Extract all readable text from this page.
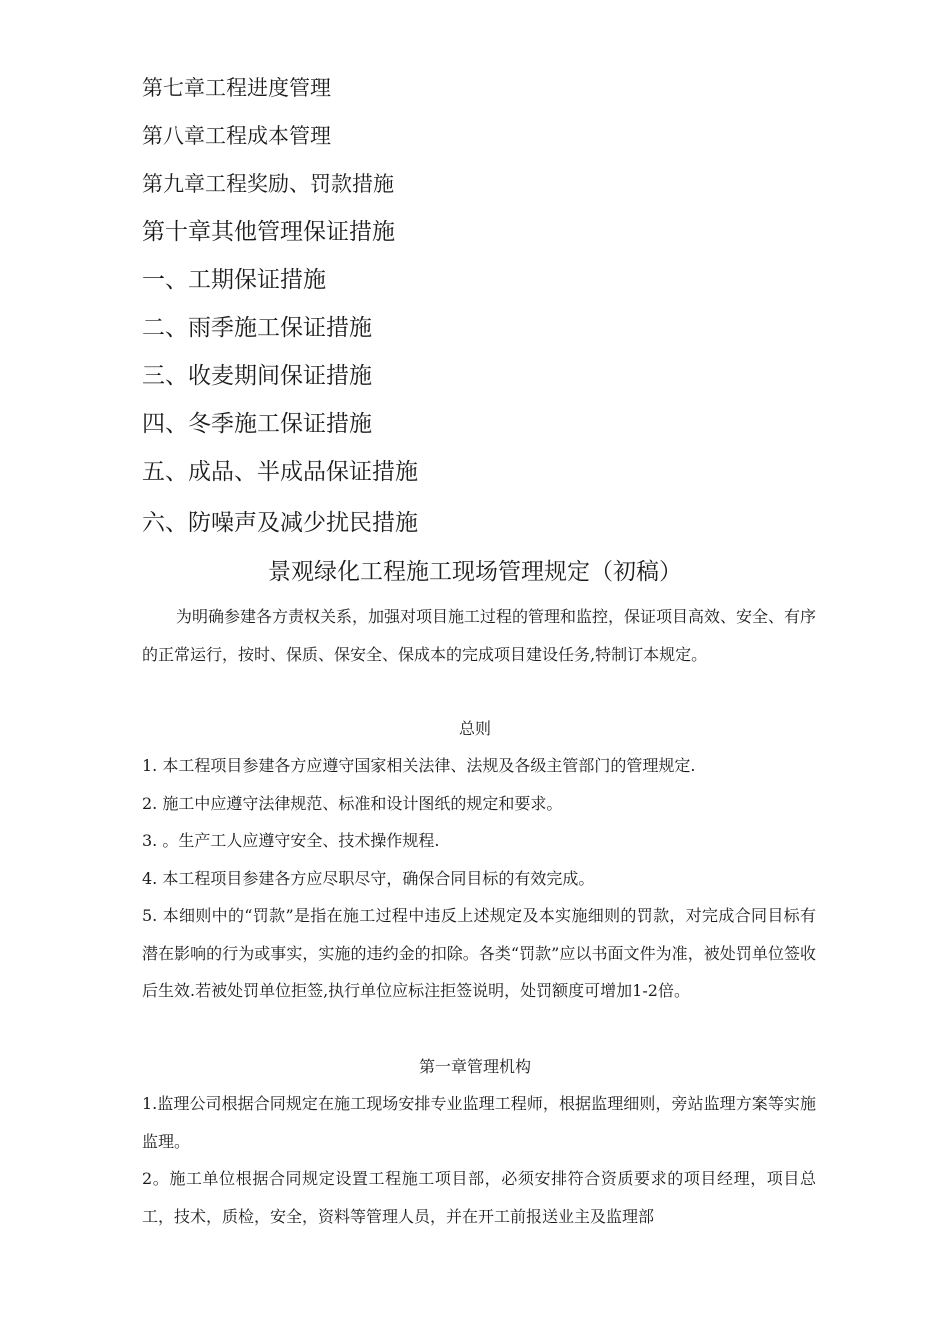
第七章工程进度管理
第八章工程成本管理
第九章工程奖励、罚款措施
第十章其他管理保证措施
一、工期保证措施
二、雨季施工保证措施
三、收麦期间保证措施
四、冬季施工保证措施
五、成品、半成品保证措施
六、防噪声及减少扰民措施
景观绿化工程施工现场管理规定（初稿）

为明确参建各方责权关系，加强对项目施工过程的管理和监控，保证项目高效、安全、有序的正常运行，按时、保质、保安全、保成本的完成项目建设任务,特制订本规定。

总则
1. 本工程项目参建各方应遵守国家相关法律、法规及各级主管部门的管理规定.
2. 施工中应遵守法律规范、标准和设计图纸的规定和要求。
3. 。生产工人应遵守安全、技术操作规程.
4. 本工程项目参建各方应尽职尽守，确保合同目标的有效完成。

5. 本细则中的“罚款”是指在施工过程中违反上述规定及本实施细则的罚款，对完成合同目标有潜在影响的行为或事实，实施的违约金的扣除。各类“罚款”应以书面文件为准，被处罚单位签收后生效.若被处罚单位拒签,执行单位应标注拒签说明，处罚额度可增加1-2倍。

第一章管理机构

1.监理公司根据合同规定在施工现场安排专业监理工程师，根据监理细则，旁站监理方案等实施监理。

2。施工单位根据合同规定设置工程施工项目部，必须安排符合资质要求的项目经理，项目总工，技术，质检，安全，资料等管理人员，并在开工前报送业主及监理部
